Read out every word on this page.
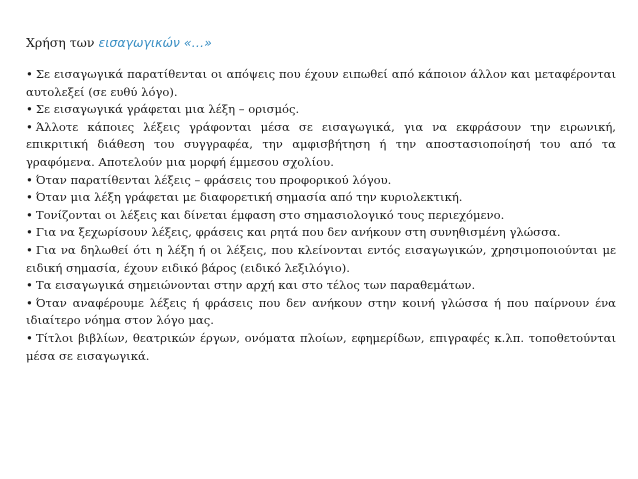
Χρήση των εισαγωγικών «…»
• Σε εισαγωγικά παρατίθενται οι απόψεις που έχουν ειπωθεί από κάποιον άλλον και μεταφέρονται αυτολεξεί (σε ευθύ λόγο).
• Σε εισαγωγικά γράφεται μια λέξη – ορισμός.
• Άλλοτε κάποιες λέξεις γράφονται μέσα σε εισαγωγικά, για να εκφράσουν την ειρωνική, επικριτική διάθεση του συγγραφέα, την αμφισβήτηση ή την αποστασιοποίησή του από τα γραφόμενα. Αποτελούν μια μορφή έμμεσου σχολίου.
• Όταν παρατίθενται λέξεις – φράσεις του προφορικού λόγου.
• Όταν μια λέξη γράφεται με διαφορετική σημασία από την κυριολεκτική.
• Τονίζονται οι λέξεις και δίνεται έμφαση στο σημασιολογικό τους περιεχόμενο.
• Για να ξεχωρίσουν λέξεις, φράσεις και ρητά που δεν ανήκουν στη συνηθισμένη γλώσσα.
• Για να δηλωθεί ότι η λέξη ή οι λέξεις, που κλείνονται εντός εισαγωγικών, χρησιμοποιούνται με ειδική σημασία, έχουν ειδικό βάρος (ειδικό λεξιλόγιο).
• Τα εισαγωγικά σημειώνονται στην αρχή και στο τέλος των παραθεμάτων.
• Όταν αναφέρουμε λέξεις ή φράσεις που δεν ανήκουν στην κοινή γλώσσα ή που παίρνουν ένα ιδιαίτερο νόημα στον λόγο μας.
• Τίτλοι βιβλίων, θεατρικών έργων, ονόματα πλοίων, εφημερίδων, επιγραφές κ.λπ. τοποθετούνται μέσα σε εισαγωγικά.
